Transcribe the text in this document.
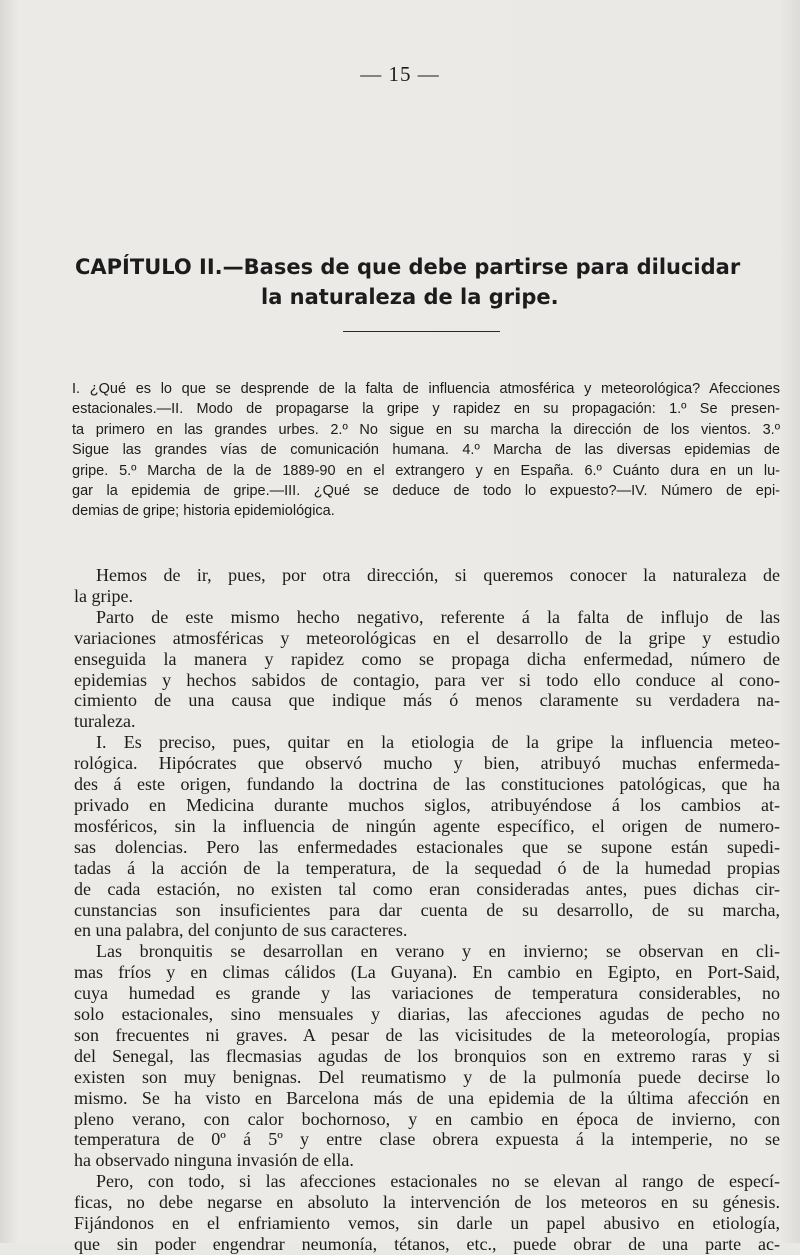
— 15 —
CAPÍTULO II.—Bases de que debe partirse para dilucidar
la naturaleza de la gripe.
I. ¿Qué es lo que se desprende de la falta de influencia atmosférica y meteorológica? Afecciones
estacionales.—II. Modo de propagarse la gripe y rapidez en su propagación: 1.º Se presen-
ta primero en las grandes urbes. 2.º No sigue en su marcha la dirección de los vientos. 3.º
Sigue las grandes vías de comunicación humana. 4.º Marcha de las diversas epidemias de
gripe. 5.º Marcha de la de 1889-90 en el extrangero y en España. 6.º Cuánto dura en un lu-
gar la epidemia de gripe.—III. ¿Qué se deduce de todo lo expuesto?—IV. Número de epi-
demias de gripe; historia epidemiológica.
Hemos de ir, pues, por otra dirección, si queremos conocer la naturaleza de
la gripe.
Parto de este mismo hecho negativo, referente á la falta de influjo de las
variaciones atmosféricas y meteorológicas en el desarrollo de la gripe y estudio
enseguida la manera y rapidez como se propaga dicha enfermedad, número de
epidemias y hechos sabidos de contagio, para ver si todo ello conduce al cono-
cimiento de una causa que indique más ó menos claramente su verdadera na-
turaleza.
I. Es preciso, pues, quitar en la etiologia de la gripe la influencia meteo-
rológica. Hipócrates que observó mucho y bien, atribuyó muchas enfermeda-
des á este origen, fundando la doctrina de las constituciones patológicas, que ha
privado en Medicina durante muchos siglos, atribuyéndose á los cambios at-
mosféricos, sin la influencia de ningún agente específico, el origen de numero-
sas dolencias. Pero las enfermedades estacionales que se supone están supedi-
tadas á la acción de la temperatura, de la sequedad ó de la humedad propias
de cada estación, no existen tal como eran consideradas antes, pues dichas cir-
cunstancias son insuficientes para dar cuenta de su desarrollo, de su marcha,
en una palabra, del conjunto de sus caracteres.
Las bronquitis se desarrollan en verano y en invierno; se observan en cli-
mas fríos y en climas cálidos (La Guyana). En cambio en Egipto, en Port-Said,
cuya humedad es grande y las variaciones de temperatura considerables, no
solo estacionales, sino mensuales y diarias, las afecciones agudas de pecho no
son frecuentes ni graves. A pesar de las vicisitudes de la meteorología, propias
del Senegal, las flecmasias agudas de los bronquios son en extremo raras y si
existen son muy benignas. Del reumatismo y de la pulmonía puede decirse lo
mismo. Se ha visto en Barcelona más de una epidemia de la última afección en
pleno verano, con calor bochornoso, y en cambio en época de invierno, con
temperatura de 0º á 5º y entre clase obrera expuesta á la intemperie, no se
ha observado ninguna invasión de ella.
Pero, con todo, si las afecciones estacionales no se elevan al rango de especí-
ficas, no debe negarse en absoluto la intervención de los meteoros en su génesis.
Fijándonos en el enfriamiento vemos, sin darle un papel abusivo en etiología,
que sin poder engendrar neumonía, tétanos, etc., puede obrar de una parte ac-
